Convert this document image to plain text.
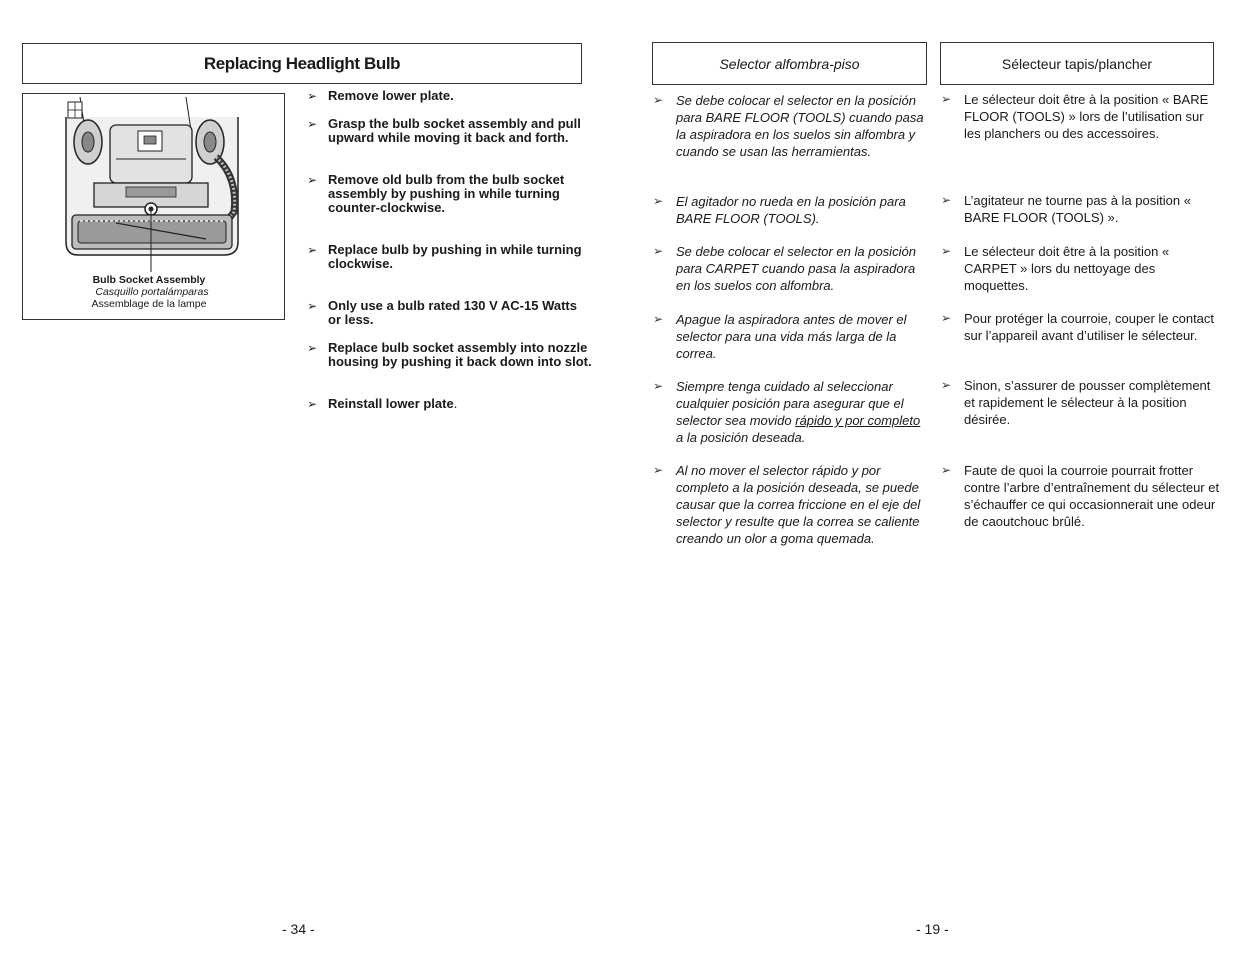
Replacing Headlight Bulb
Bulb Socket Assembly
Casquillo portalámparas
Assemblage de la lampe
➢ Remove lower plate.
➢ Grasp the bulb socket assembly and pull upward while moving it back and forth.
➢ Remove old bulb from the bulb socket assembly by pushing in while turning counter-clockwise.
➢ Replace bulb by pushing in while turning clockwise.
➢ Only use a bulb rated 130 V AC-15 Watts or less.
➢ Replace bulb socket assembly into nozzle housing by pushing it back down into slot.
➢ Reinstall lower plate.
- 34 -
Selector alfombra-piso
➢ Se debe colocar el selector en la posición para BARE FLOOR (TOOLS) cuando pasa la aspiradora en los suelos sin alfombra y cuando se usan las herramientas.
➢ El agitador no rueda en la posición para BARE FLOOR (TOOLS).
➢ Se debe colocar el selector en la posición para CARPET cuando pasa la aspiradora en los suelos con alfombra.
➢ Apague la aspiradora antes de mover el selector para una vida más larga de la correa.
➢ Siempre tenga cuidado al seleccionar cualquier posición para asegurar que el selector sea movido rápido y por completo a la posición deseada.
➢ Al no mover el selector rápido y por completo a la posición deseada, se puede causar que la correa friccione en el eje del selector y resulte que la correa se caliente creando un olor a goma quemada.
Sélecteur tapis/plancher
➢ Le sélecteur doit être à la position « BARE FLOOR (TOOLS) » lors de l’utilisation sur les planchers ou des accessoires.
➢ L’agitateur ne tourne pas à la position « BARE FLOOR (TOOLS) ».
➢ Le sélecteur doit être à la position « CARPET » lors du nettoyage des moquettes.
➢ Pour protéger la courroie, couper le contact sur l’appareil avant d’utiliser le sélecteur.
➢ Sinon, s’assurer de pousser complètement et rapidement le sélecteur à la position désirée.
➢ Faute de quoi la courroie pourrait frotter contre l’arbre d’entraînement du sélecteur et s’échauffer ce qui occasionnerait une odeur de caoutchouc brûlé.
- 19 -
